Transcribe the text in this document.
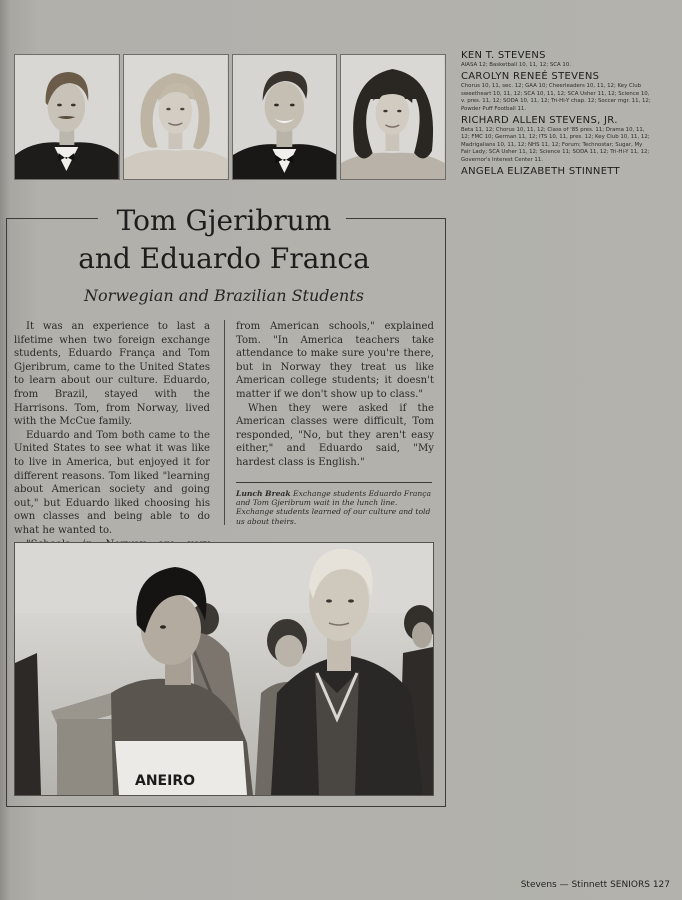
KEN T. STEVENS

AIASA 12; Basketball 10, 11, 12; SCA 10.

CAROLYN RENEÉ STEVENS

Chorus 10, 11, sec. 12; GAA 10; Cheerleaders 10, 11, 12; Key Club sweetheart 10, 11, 12; SCA 10, 11, 12; SCA Usher 11, 12; Science 10, v. pres. 11, 12; SODA 10, 11, 12; Tri-Hi-Y chap. 12; Soccer mgr. 11, 12; Powder Puff Football 11.

RICHARD ALLEN STEVENS, JR.

Beta 11, 12; Chorus 10, 11, 12; Class of '85 pres. 11; Drama 10, 11, 12; FMC 10; German 11, 12; ITS 10, 11, pres. 12; Key Club 10, 11, 12; Madrigalians 10, 11, 12; NHS 11, 12; Forum; Technostar; Sugar, My Fair Lady; SCA Usher 11, 12; Science 11; SODA 11, 12; Tri-Hi-Y 11, 12; Governor's Interest Center 11.

ANGELA ELIZABETH STINNETT

Tom Gjeribrum
and Eduardo Franca

Norwegian and Brazilian Students

It was an experience to last a lifetime when two foreign exchange students, Eduardo França and Tom Gjeribrum, came to the United States to learn about our culture. Eduardo, from Brazil, stayed with the Harrisons. Tom, from Norway, lived with the McCue family.

Eduardo and Tom both came to the United States to see what it was like to live in America, but enjoyed it for different reasons. Tom liked "learning about American society and going out," but Eduardo liked choosing his own classes and being able to do what he wanted to.

from American schools," explained Tom. "In America teachers take attendance to make sure you're there, but in Norway they treat us like American college students; it doesn't matter if we don't show up to class."

When they were asked if the American classes were difficult, Tom responded, "No, but they aren't easy either," and Eduardo said, "My hardest class is English."

Lunch Break Exchange students Eduardo França and Tom Gjeribrum wait in the lunch line. Exchange students learned of our culture and told us about theirs.

ANEIRO
Stevens — Stinnett SENIORS 127
